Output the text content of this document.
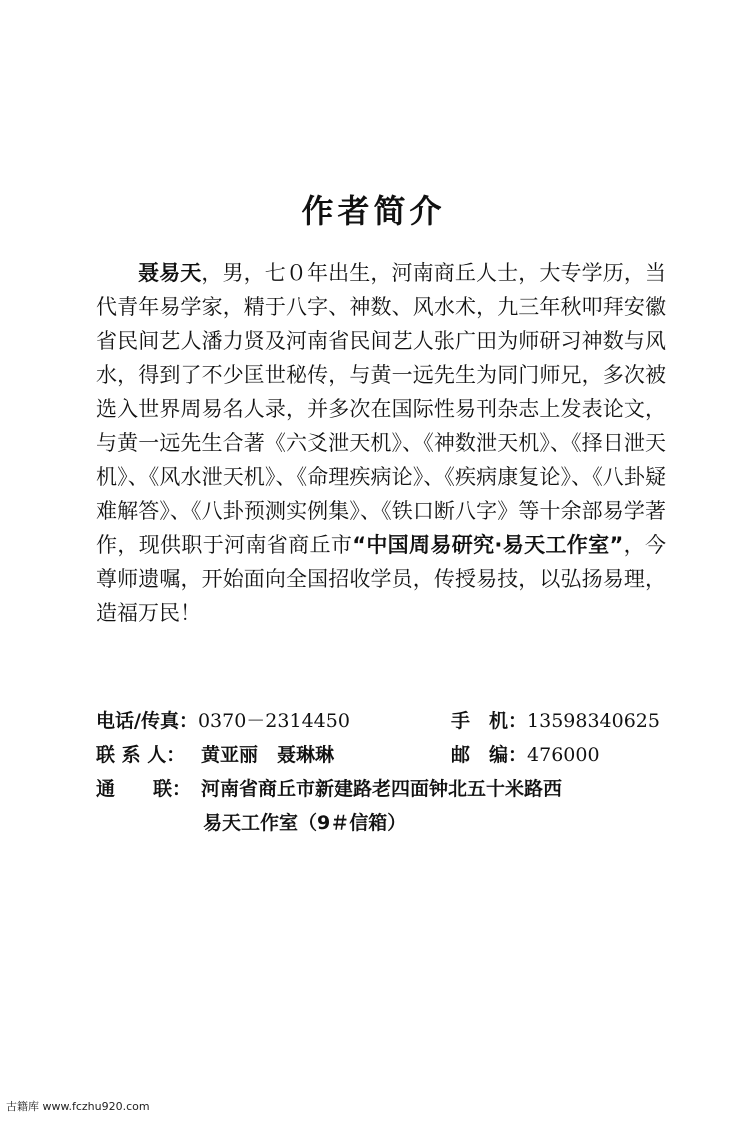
作者简介

聂易天，男，七０年出生，河南商丘人士，大专学历，当代青年易学家，精于八字、神数、风水术，九三年秋叩拜安徽省民间艺人潘力贤及河南省民间艺人张广田为师研习神数与风水，得到了不少匡世秘传，与黄一远先生为同门师兄，多次被选入世界周易名人录，并多次在国际性易刊杂志上发表论文，与黄一远先生合著《六爻泄天机》、《神数泄天机》、《择日泄天机》、《风水泄天机》、《命理疾病论》、《疾病康复论》、《八卦疑难解答》、《八卦预测实例集》、《铁口断八字》等十余部易学著作，现供职于河南省商丘市“中国周易研究·易天工作室”，今尊师遗嘱，开始面向全国招收学员，传授易技，以弘扬易理，造福万民！

电话/传真：0370－2314450	手　机：13598340625
联 系 人： 黄亚丽　聂琳琳	邮　编：476000
通　　联： 河南省商丘市新建路老四面钟北五十米路西
易天工作室（9＃信箱）
古籍库 www.fczhu920.com
